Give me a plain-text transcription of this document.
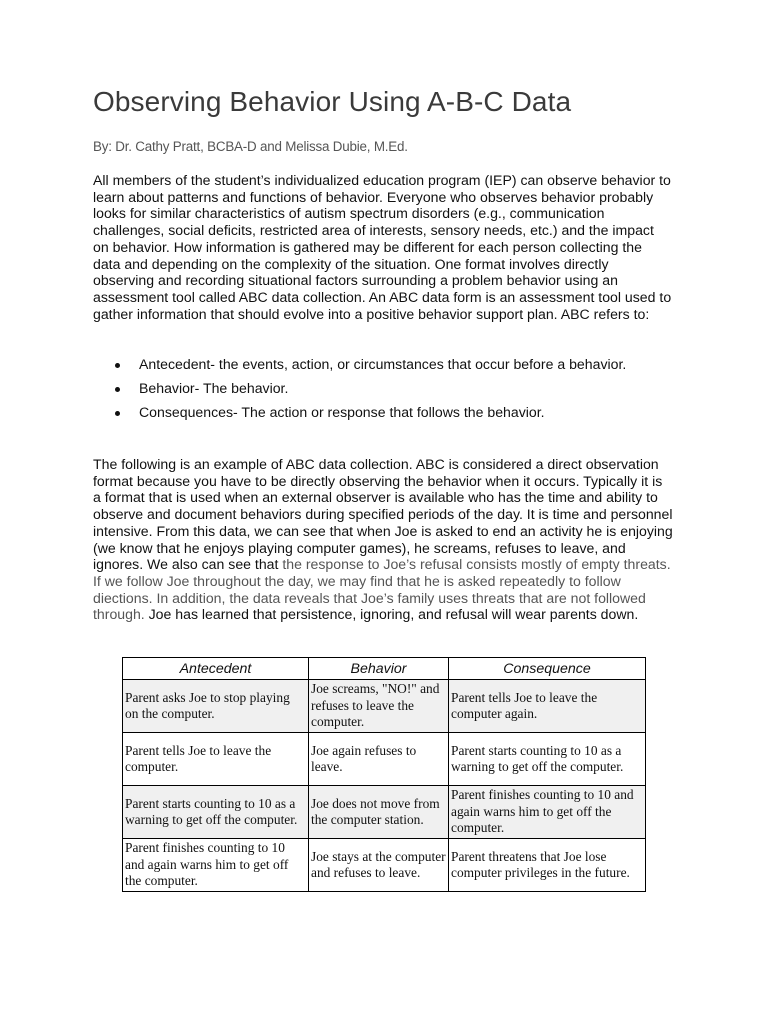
Observing Behavior Using A-B-C Data

By: Dr. Cathy Pratt, BCBA-D and Melissa Dubie, M.Ed.

All members of the student’s individualized education program (IEP) can observe behavior to learn about patterns and functions of behavior. Everyone who observes behavior probably looks for similar characteristics of autism spectrum disorders (e.g., communication challenges, social deficits, restricted area of interests, sensory needs, etc.) and the impact on behavior. How information is gathered may be different for each person collecting the data and depending on the complexity of the situation. One format involves directly observing and recording situational factors surrounding a problem behavior using an assessment tool called ABC data collection. An ABC data form is an assessment tool used to gather information that should evolve into a positive behavior support plan. ABC refers to:

Antecedent- the events, action, or circumstances that occur before a behavior.
Behavior- The behavior.
Consequences- The action or response that follows the behavior.

The following is an example of ABC data collection. ABC is considered a direct observation format because you have to be directly observing the behavior when it occurs. Typically it is a format that is used when an external observer is available who has the time and ability to observe and document behaviors during specified periods of the day. It is time and personnel intensive. From this data, we can see that when Joe is asked to end an activity he is enjoying (we know that he enjoys playing computer games), he screams, refuses to leave, and ignores. We also can see that the response to Joe’s refusal consists mostly of empty threats. If we follow Joe throughout the day, we may find that he is asked repeatedly to follow diections. In addition, the data reveals that Joe’s family uses threats that are not followed through. Joe has learned that persistence, ignoring, and refusal will wear parents down.

Antecedent	Behavior	Consequence
Parent asks Joe to stop playing on the computer.	Joe screams, "NO!" and refuses to leave the computer.	Parent tells Joe to leave the computer again.
Parent tells Joe to leave the computer.	Joe again refuses to leave.	Parent starts counting to 10 as a warning to get off the computer.
Parent starts counting to 10 as a warning to get off the computer.	Joe does not move from the computer station.	Parent finishes counting to 10 and again warns him to get off the computer.
Parent finishes counting to 10 and again warns him to get off the computer.	Joe stays at the computer and refuses to leave.	Parent threatens that Joe lose computer privileges in the future.
